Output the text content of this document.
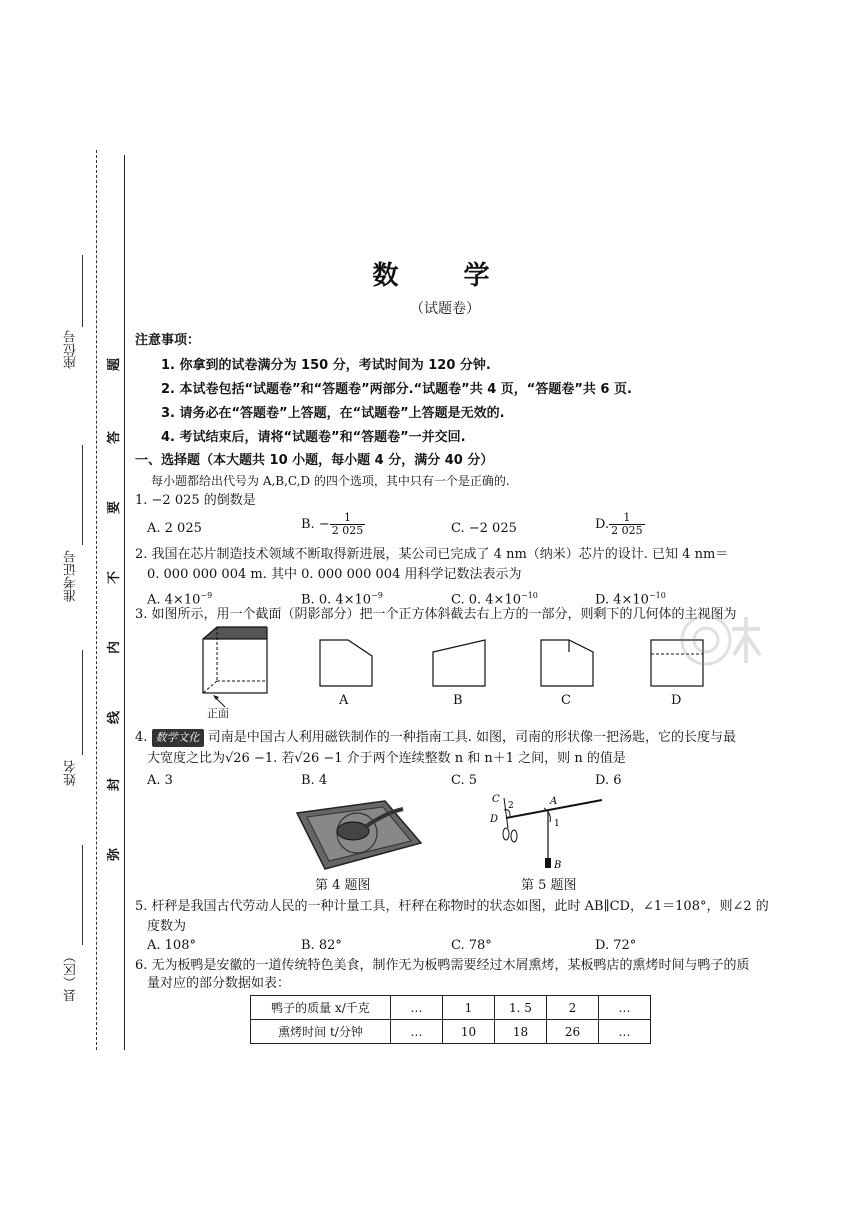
座位号
准考证号
姓名
县（区）
题
答
要
不
内
线
封
弥
数 学
（试题卷）
注意事项：
1. 你拿到的试卷满分为 150 分，考试时间为 120 分钟.
2. 本试卷包括“试题卷”和“答题卷”两部分.“试题卷”共 4 页，“答题卷”共 6 页.
3. 请务必在“答题卷”上答题，在“试题卷”上答题是无效的.
4. 考试结束后，请将“试题卷”和“答题卷”一并交回.
一、选择题（本大题共 10 小题，每小题 4 分，满分 40 分）
每小题都给出代号为 A,B,C,D 的四个选项，其中只有一个是正确的.
1. −2 025 的倒数是
A. 2 025	B. − $\frac{1}{2 025}$	C. −2 025	D. $\frac{1}{2 025}$
2. 我国在芯片制造技术领域不断取得新进展，某公司已完成了 4 nm（纳米）芯片的设计. 已知 4 nm＝
0. 000 000 004 m. 其中 0. 000 000 004 用科学记数法表示为
A. $4\times 10^{-9}$	B. 0. $4\times 10^{-9}$	C. 0. $4\times 10^{-10}$	D. $4\times 10^{-10}$
3. 如图所示，用一个截面（阴影部分）把一个正方体斜截去右上方的一部分，则剩下的几何体的主视图为
正面
A	B	C	D
4. 数学文化 司南是中国古人利用磁铁制作的一种指南工具. 如图，司南的形状像一把汤匙，它的长度与最
大宽度之比为√26 −1. 若√26 −1 介于两个连续整数 n 和 n＋1 之间，则 n 的值是
A. 3	B. 4	C. 5	D. 6
第 4 题图
C
2	A
D	1
B
第 5 题图
5. 杆秤是我国古代劳动人民的一种计量工具，杆秤在称物时的状态如图，此时 AB∥CD，∠1＝108°，则∠2 的
度数为
A. 108°	B. 82°	C. 78°	D. 72°
6. 无为板鸭是安徽的一道传统特色美食，制作无为板鸭需要经过木屑熏烤，某板鸭店的熏烤时间与鸭子的质
量对应的部分数据如表：
鸭子的质量 x/千克	…	1	1. 5	2	…
熏烤时间 t/分钟	…	10	18	26	…
